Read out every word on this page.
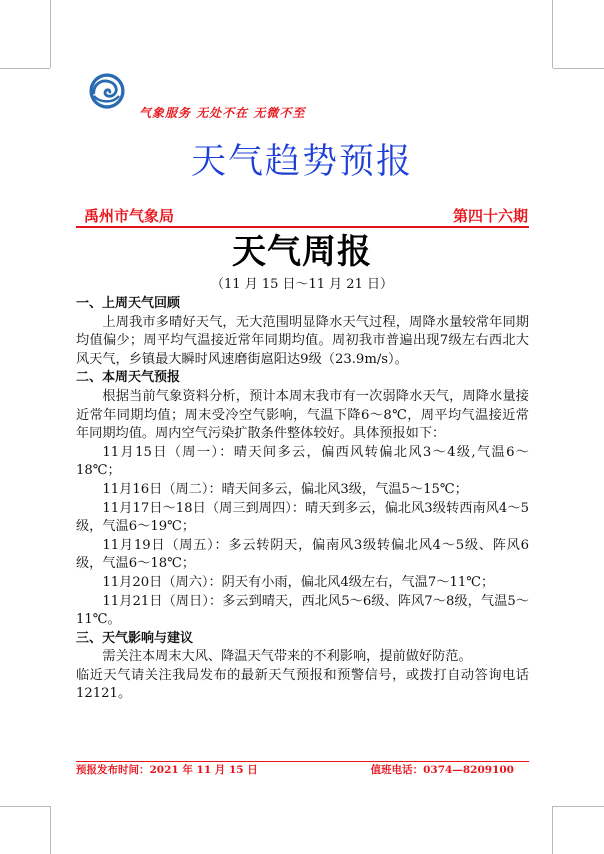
气象服务 无处不在 无微不至
天气趋势预报
禹州市气象局	第四十六期
天气周报
（11 月 15 日～11 月 21 日）

一、上周天气回顾

上周我市多晴好天气，无大范围明显降水天气过程，周降水量较常年同期均值偏少；周平均气温接近常年同期均值。周初我市普遍出现7级左右西北大风天气，乡镇最大瞬时风速磨街扈阳达9级（23.9m/s）。

二、本周天气预报

根据当前气象资料分析，预计本周末我市有一次弱降水天气，周降水量接近常年同期均值；周末受冷空气影响，气温下降6～8℃，周平均气温接近常年同期均值。周内空气污染扩散条件整体较好。具体预报如下：

11月15日（周一）：晴天间多云，偏西风转偏北风3～4级,气温6～18℃；

11月16日（周二）：晴天间多云，偏北风3级，气温5～15℃；

11月17日～18日（周三到周四）：晴天到多云，偏北风3级转西南风4～5级，气温6～19℃；

11月19日（周五）：多云转阴天，偏南风3级转偏北风4～5级、阵风6级，气温6～18℃；

11月20日（周六）：阴天有小雨，偏北风4级左右，气温7～11℃；

11月21日（周日）：多云到晴天，西北风5～6级、阵风7～8级，气温5～11℃。

三、天气影响与建议

需关注本周末大风、降温天气带来的不利影响，提前做好防范。

临近天气请关注我局发布的最新天气预报和预警信号，或拨打自动答询电话12121。

预报发布时间：2021 年 11 月 15 日	值班电话：0374—8209100
